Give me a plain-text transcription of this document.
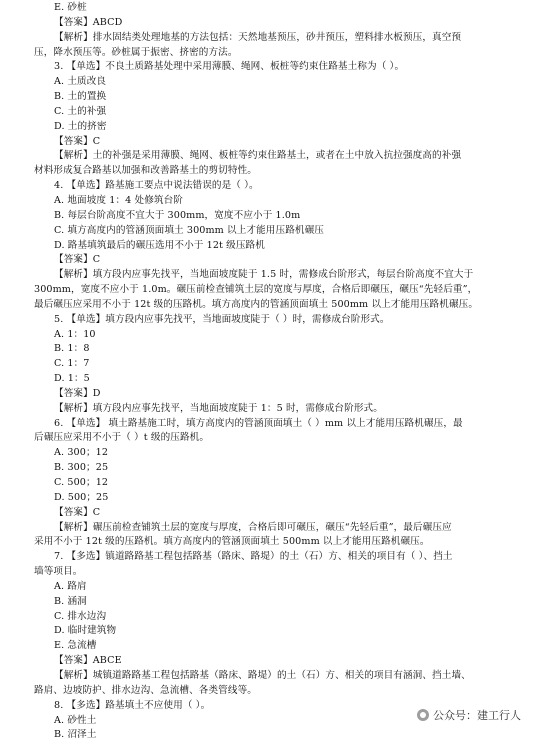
E. 砂桩
【答案】ABCD
【解析】排水固结类处理地基的方法包括：天然地基预压，砂井预压，塑料排水板预压，真空预
压，降水预压等。砂桩属于振密、挤密的方法。
3. 【单选】不良土质路基处理中采用薄膜、绳网、板桩等约束住路基土称为（ ）。
A. 土质改良
B. 土的置换
C. 土的补强
D. 土的挤密
【答案】C
【解析】土的补强是采用薄膜、绳网、板桩等约束住路基土，或者在土中放入抗拉强度高的补强
材料形成复合路基以加强和改善路基土的剪切特性。
4. 【单选】路基施工要点中说法错误的是（ ）。
A. 地面坡度 1：4 处修筑台阶
B. 每层台阶高度不宜大于 300mm，宽度不应小于 1.0m
C. 填方高度内的管涵顶面填土 300mm 以上才能用压路机碾压
D. 路基填筑最后的碾压选用不小于 12t 级压路机
【答案】C
【解析】填方段内应事先找平，当地面坡度陡于 1.5 时，需修成台阶形式，每层台阶高度不宜大于
300mm，宽度不应小于 1.0m。碾压前检查铺筑土层的宽度与厚度，合格后即碾压，碾压“先轻后重”，
最后碾压应采用不小于 12t 级的压路机。填方高度内的管涵顶面填土 500mm 以上才能用压路机碾压。
5. 【单选】填方段内应事先找平，当地面坡度陡于（ ）时，需修成台阶形式。
A. 1：10
B. 1：8
C. 1：7
D. 1：5
【答案】D
【解析】填方段内应事先找平，当地面坡度陡于 1：5 时，需修成台阶形式。
6. 【单选】 填土路基施工时，填方高度内的管涵顶面填土（ ）mm 以上才能用压路机碾压，最
后碾压应采用不小于（ ）t 级的压路机。
A. 300；12
B. 300；25
C. 500；12
D. 500；25
【答案】C
【解析】碾压前检查铺筑土层的宽度与厚度，合格后即可碾压，碾压“先轻后重”，最后碾压应
采用不小于 12t 级的压路机。填方高度内的管涵顶面填土 500mm 以上才能用压路机碾压。
7. 【多选】镇道路路基工程包括路基（路床、路堤）的土（石）方、相关的项目有（ ）、挡土
墙等项目。
A. 路肩
B. 涵洞
C. 排水边沟
D. 临时建筑物
E. 急流槽
【答案】ABCE
【解析】城镇道路路基工程包括路基（路床、路堤）的土（石）方、相关的项目有涵洞、挡土墙、
路肩、边坡防护、排水边沟、急流槽、各类管线等。
8. 【多选】路基填土不应使用（ ）。
A. 砂性土
B. 沼泽土
公众号：建工行人
